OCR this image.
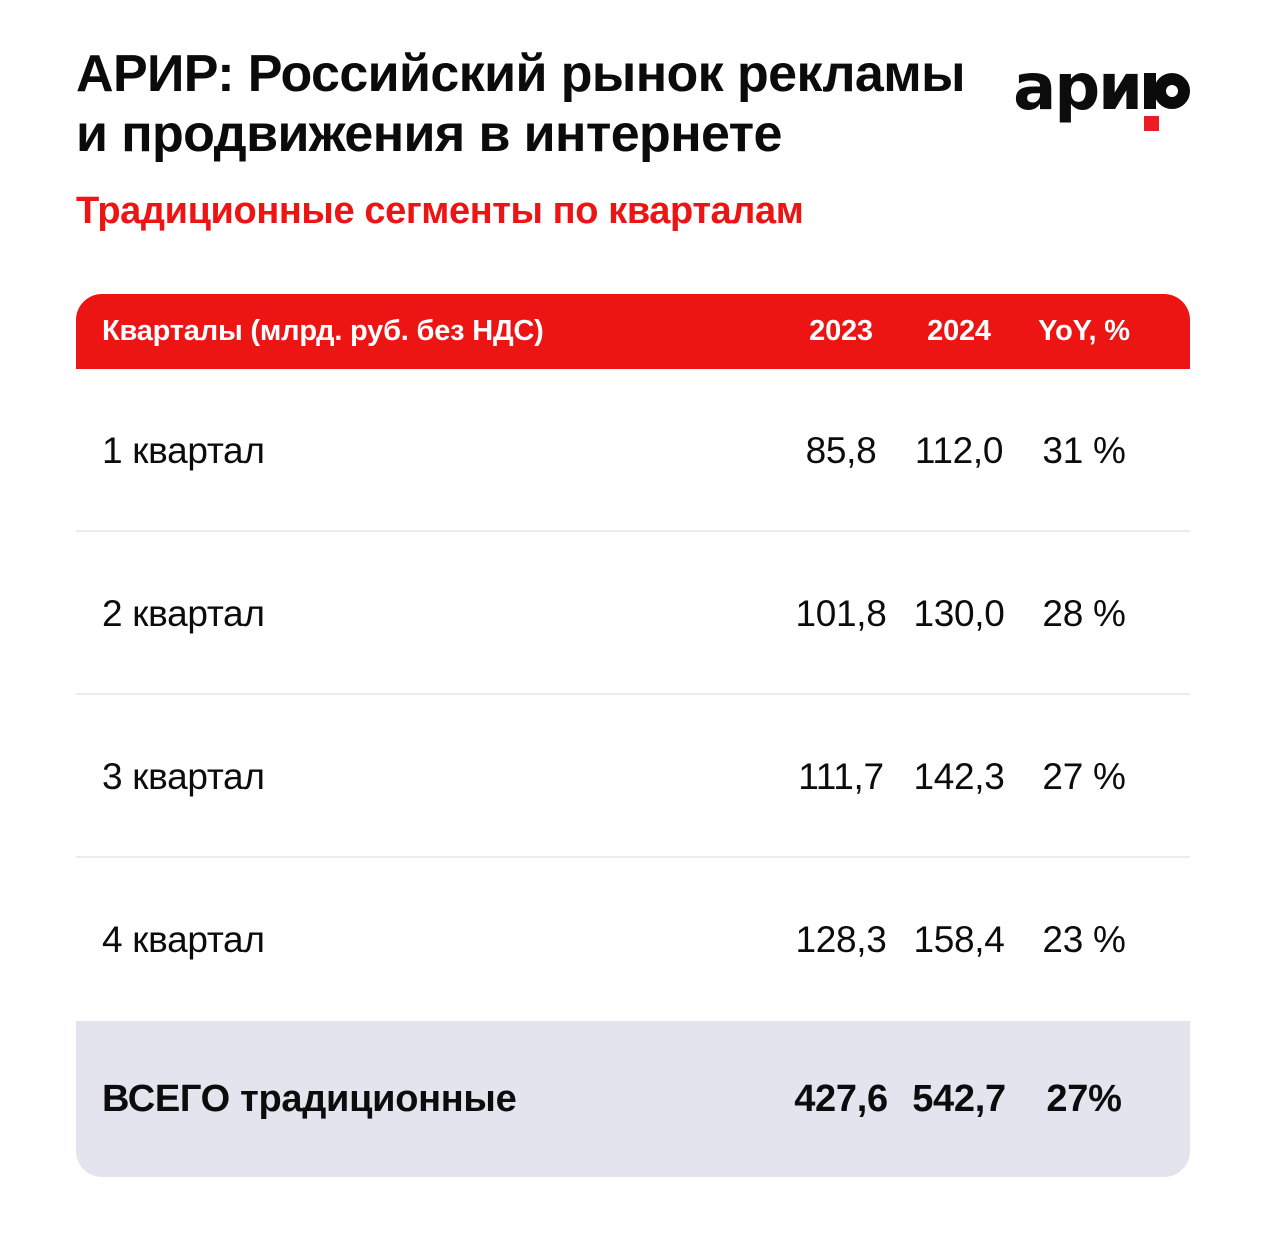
АРИР: Российский рынок рекламы
и продвижения в интернете
ари
Традиционные сегменты по кварталам
Кварталы (млрд. руб. без НДС)	2023	2024	YoY, %
1 квартал	85,8	112,0	31 %
2 квартал	101,8 130,0	28 %
3 квартал	111,7 142,3	27 %
4 квартал	128,3 158,4	23 %
ВСЕГО традиционные	427,6 542,7	27%
